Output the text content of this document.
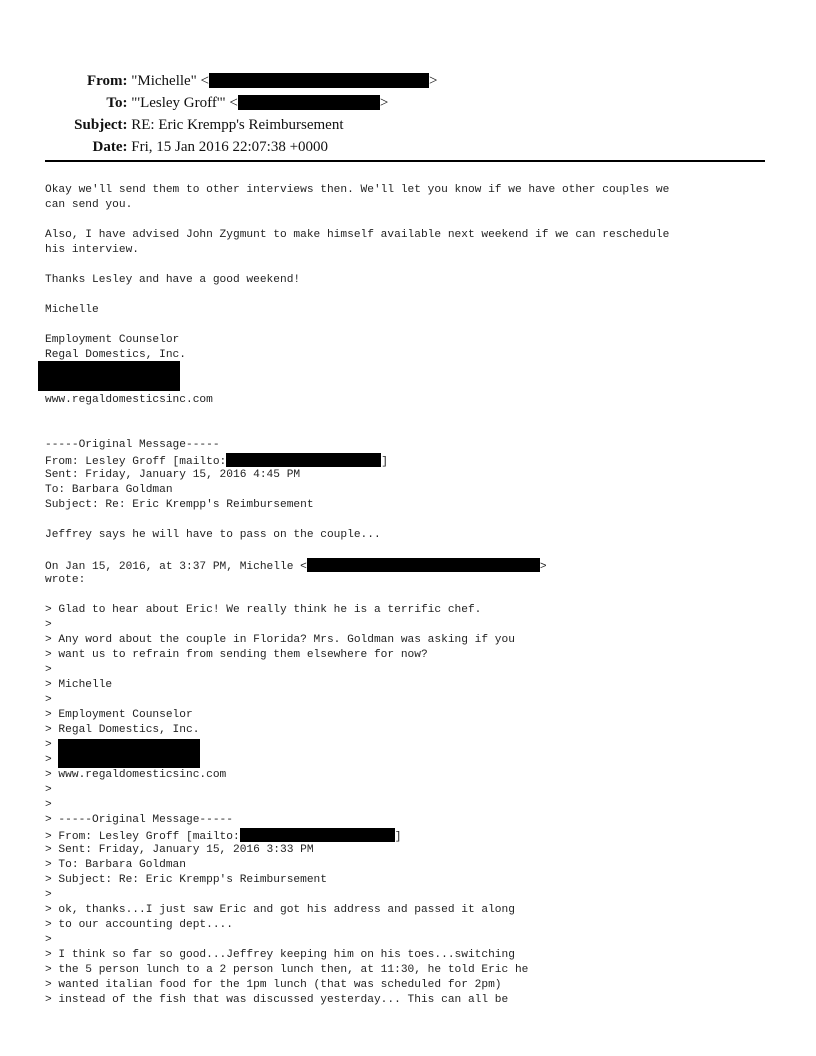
From: "Michelle" <	>

To: "'Lesley Groff'" <	>

Subject: RE: Eric Krempp's Reimbursement

Date: Fri, 15 Jan 2016 22:07:38 +0000

Okay we'll send them to other interviews then. We'll let you know if we have other couples we
can send you.
Also, I have advised John Zygmunt to make himself available next weekend if we can reschedule
his interview.
Thanks Lesley and have a good weekend!
Michelle
Employment Counselor
Regal Domestics, Inc.
www.regaldomesticsinc.com
-----Original Message-----
From: Lesley Groff [mailto:	]
Sent: Friday, January 15, 2016 4:45 PM
To: Barbara Goldman
Subject: Re: Eric Krempp's Reimbursement
Jeffrey says he will have to pass on the couple...
On Jan 15, 2016, at 3:37 PM, Michelle <	>
wrote:
> Glad to hear about Eric! We really think he is a terrific chef.
>
> Any word about the couple in Florida? Mrs. Goldman was asking if you
> want us to refrain from sending them elsewhere for now?
>
> Michelle
>
> Employment Counselor
> Regal Domestics, Inc.
>
>
> www.regaldomesticsinc.com
>
>
> -----Original Message-----
> From: Lesley Groff [mailto:	]
> Sent: Friday, January 15, 2016 3:33 PM
> To: Barbara Goldman
> Subject: Re: Eric Krempp's Reimbursement
>
> ok, thanks...I just saw Eric and got his address and passed it along
> to our accounting dept....
>
> I think so far so good...Jeffrey keeping him on his toes...switching
> the 5 person lunch to a 2 person lunch then, at 11:30, he told Eric he
> wanted italian food for the 1pm lunch (that was scheduled for 2pm)
> instead of the fish that was discussed yesterday... This can all be
